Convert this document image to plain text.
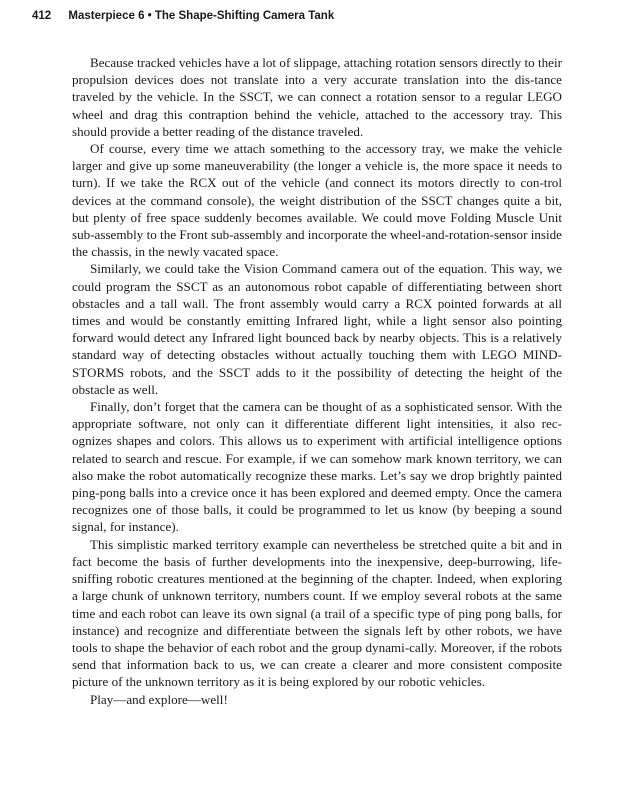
412 Masterpiece 6 • The Shape-Shifting Camera Tank

Because tracked vehicles have a lot of slippage, attaching rotation sensors directly to their propulsion devices does not translate into a very accurate translation into the dis-tance traveled by the vehicle. In the SSCT, we can connect a rotation sensor to a regular LEGO wheel and drag this contraption behind the vehicle, attached to the accessory tray. This should provide a better reading of the distance traveled.

Of course, every time we attach something to the accessory tray, we make the vehicle larger and give up some maneuverability (the longer a vehicle is, the more space it needs to turn). If we take the RCX out of the vehicle (and connect its motors directly to con-trol devices at the command console), the weight distribution of the SSCT changes quite a bit, but plenty of free space suddenly becomes available. We could move Folding Muscle Unit sub-assembly to the Front sub-assembly and incorporate the wheel-and-rotation-sensor inside the chassis, in the newly vacated space.

Similarly, we could take the Vision Command camera out of the equation. This way, we could program the SSCT as an autonomous robot capable of differentiating between short obstacles and a tall wall. The front assembly would carry a RCX pointed forwards at all times and would be constantly emitting Infrared light, while a light sensor also pointing forward would detect any Infrared light bounced back by nearby objects. This is a relatively standard way of detecting obstacles without actually touching them with LEGO MIND-STORMS robots, and the SSCT adds to it the possibility of detecting the height of the obstacle as well.

Finally, don’t forget that the camera can be thought of as a sophisticated sensor. With the appropriate software, not only can it differentiate different light intensities, it also rec-ognizes shapes and colors. This allows us to experiment with artificial intelligence options related to search and rescue. For example, if we can somehow mark known territory, we can also make the robot automatically recognize these marks. Let’s say we drop brightly painted ping-pong balls into a crevice once it has been explored and deemed empty. Once the camera recognizes one of those balls, it could be programmed to let us know (by beeping a sound signal, for instance).

This simplistic marked territory example can nevertheless be stretched quite a bit and in fact become the basis of further developments into the inexpensive, deep-burrowing, life-sniffing robotic creatures mentioned at the beginning of the chapter. Indeed, when exploring a large chunk of unknown territory, numbers count. If we employ several robots at the same time and each robot can leave its own signal (a trail of a specific type of ping pong balls, for instance) and recognize and differentiate between the signals left by other robots, we have tools to shape the behavior of each robot and the group dynami-cally. Moreover, if the robots send that information back to us, we can create a clearer and more consistent composite picture of the unknown territory as it is being explored by our robotic vehicles.

Play—and explore—well!
